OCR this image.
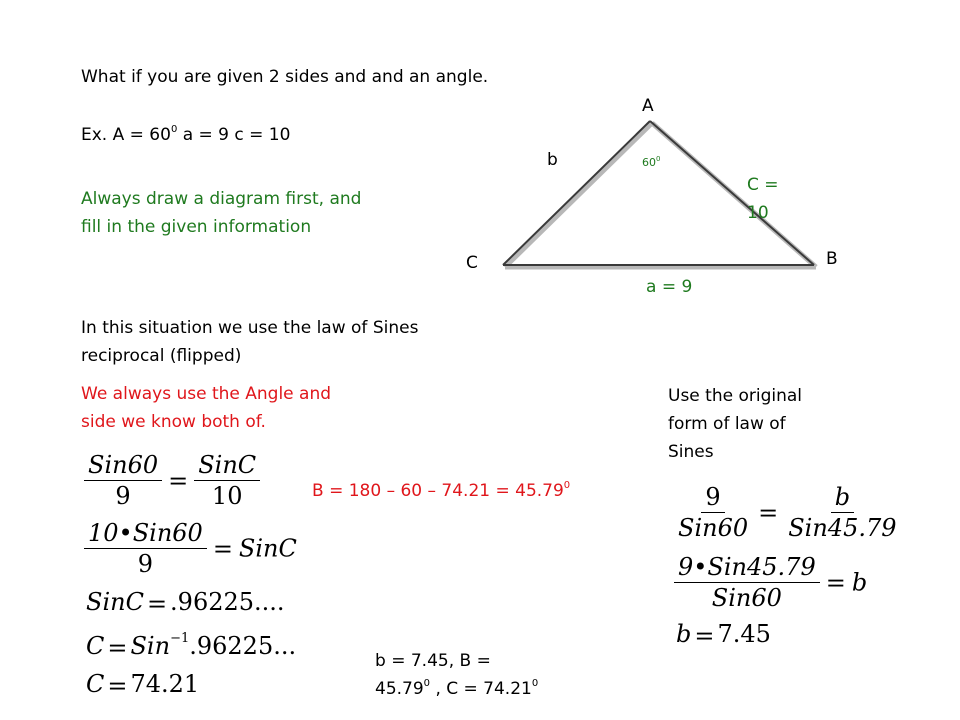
What if you are given 2 sides and and an angle.
Ex. $A = 60^0$ a = 9 c = 10
Always draw a diagram first, and
fill in the given information
In this situation we use the law of Sines
reciprocal (flipped)
We always use the Angle and
side we know both of.
A
C	B
b	$60^0$
C =
10
a = 9
$\frac{\text{Sin60}}{9} = \frac{\text{SinC}}{10}$
$\frac{\text{10•Sin60}}{9}$ = SinC
SinC = .96225....
C = Sin$^{-1}$.96225...
C = 74.21
$B = 180 - 60 - 74.21 = 45.79^0$
b = 7.45, B =
$45.79^0$ , $C = 74.21^0$
Use the original
form of law of
Sines
$\frac{9}{\text{Sin60}} = \frac{b}{\text{Sin45.79}}$
$\frac{\text{9•Sin45.79}}{\text{Sin60}} = b$
b = 7.45
